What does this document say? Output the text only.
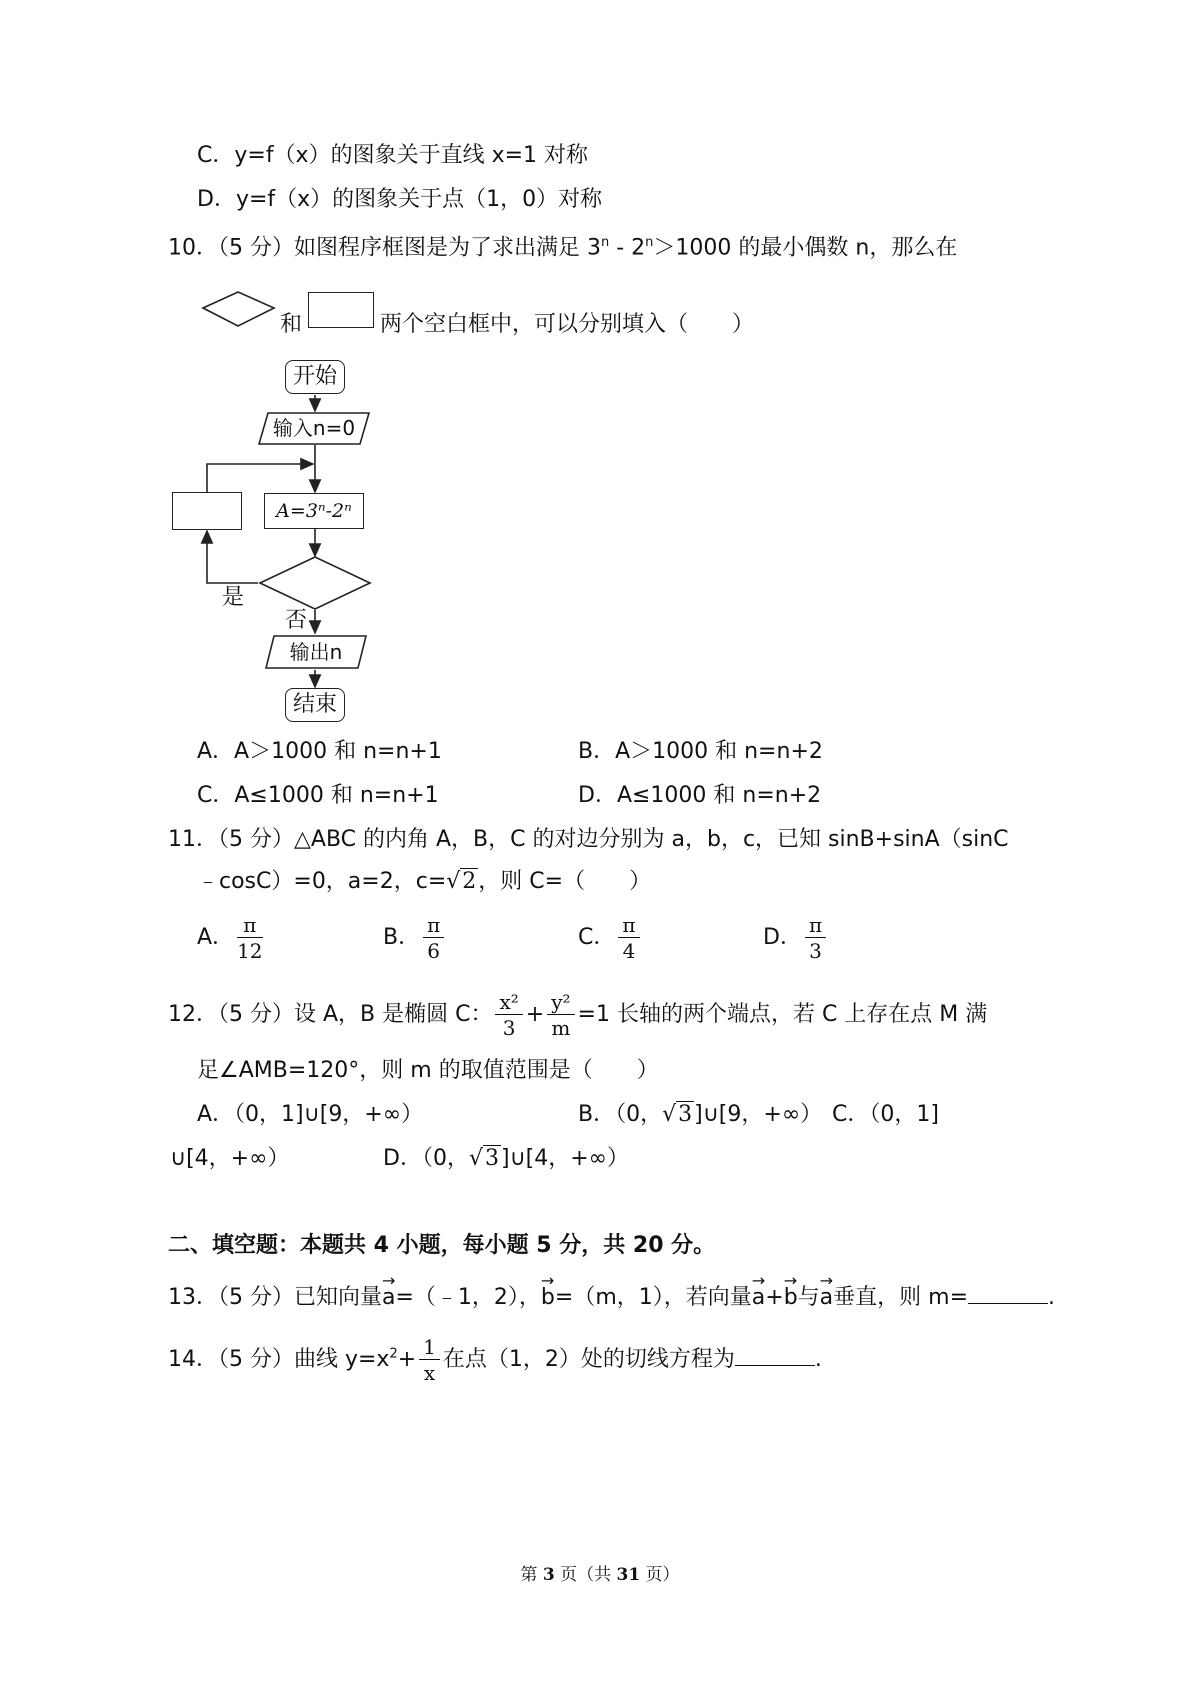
C．y=f（x）的图象关于直线 x=1 对称
D．y=f（x）的图象关于点（1，0）对称
10．（5 分）如图程序框图是为了求出满足 $3^n - 2^n>1000$ 的最小偶数 n，那么在
和	两个空白框中，可以分别填入（　　）
开始
输入n=0
A=3ⁿ-2ⁿ
是
否
输出n
结束
A．A＞1000 和 n=n+1	B．A＞1000 和 n=n+2
C．A≤1000 和 n=n+1	D．A≤1000 和 n=n+2
11．（5 分）△ABC 的内角 A，B，C 的对边分别为 a，b，c，已知 sinB+sinA（sinC
﹣cosC）=0，a=2，c=√2，则 C=（　　）
A． $\frac{\pi}{12}$	B． $\frac{\pi}{6}$	C． $\frac{\pi}{4}$	D． $\frac{\pi}{3}$
12．（5 分）设 A，B 是椭圆 C： $\frac{\text{x²}}{3} + \frac{\text{y²}}{m} =1$ 长轴的两个端点，若 C 上存在点 M 满
足∠AMB=120°，则 m 的取值范围是（　　）
A．（0，1]∪[9，+∞）	B．（0，√3]∪[9，+∞） C．（0，1]
∪[4，+∞）	D．（0，√3]∪[4，+∞）
二、填空题：本题共 4 小题，每小题 5 分，共 20 分。
13．（5 分）已知向量→ a=（﹣1，2），→ b=（m，1），若向量→ a+→ b与→ a垂直，则 m=	.
14．（5 分）曲线 $y=x^2+ \frac{1}{x}$ 在点（1，2）处的切线方程为	.
第 3 页（共 31 页）
